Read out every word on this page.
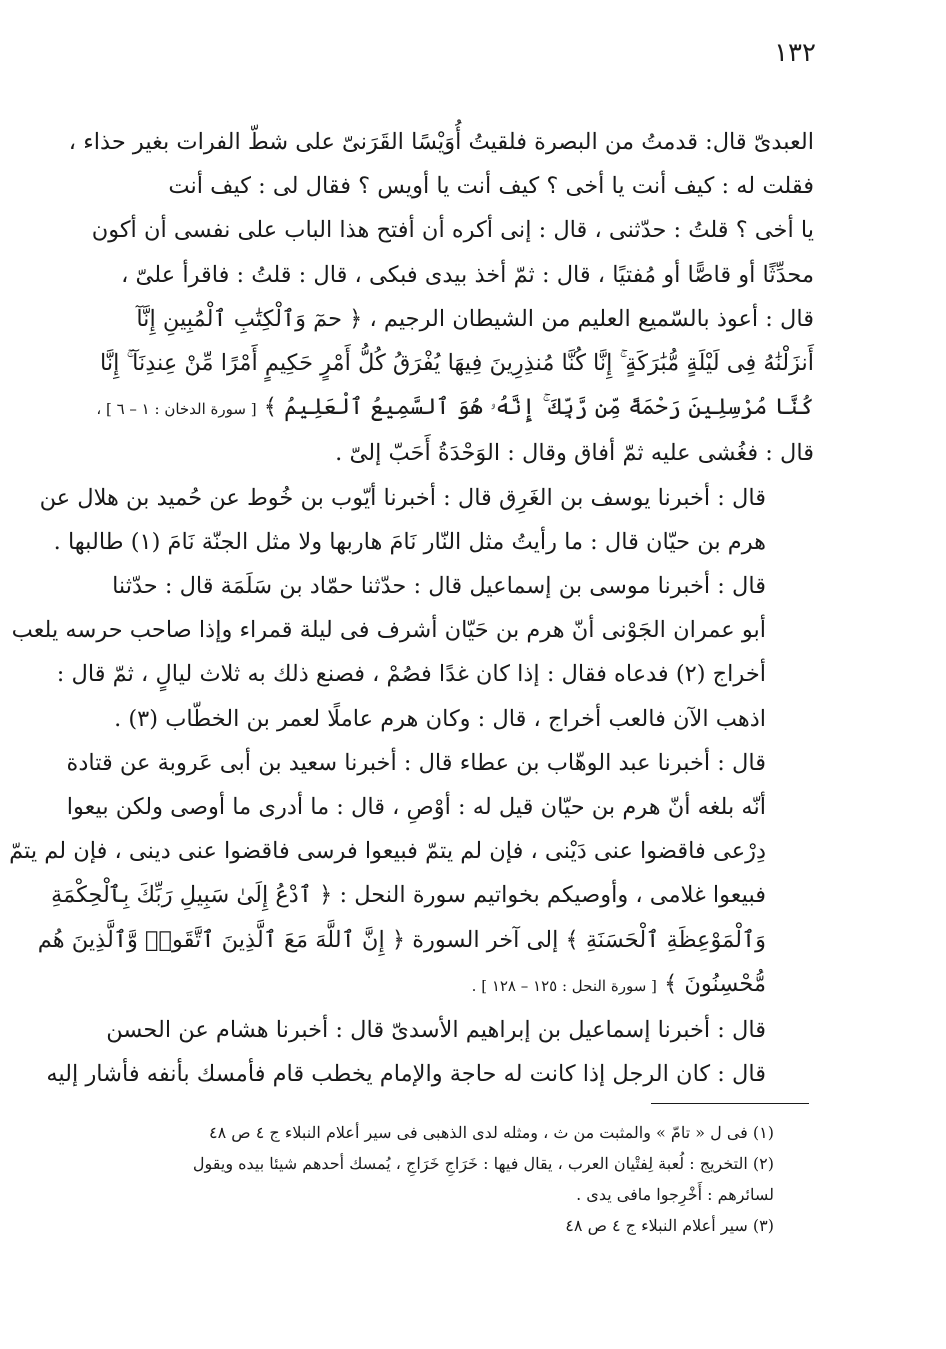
١٣٢

العبدىّ قال: قدمتُ من البصرة فلقيتُ أُوَيْسًا القَرَنىّ على شطّ الفرات بغير حذاء ،
فقلت له : كيف أنت يا أخى ؟ كيف أنت يا أويس ؟ فقال لى : كيف أنت
يا أخى ؟ قلتُ : حدّثنى ، قال : إنى أكره أن أفتح هذا الباب على نفسى أن أكون
محدِّثًا أو قاصًّا أو مُفتيًا ، قال : ثمّ أخذ بيدى فبكى ، قال : قلتُ : فاقرأ علىّ ،
قال : أعوذ بالسّميع العليم من الشيطان الرجيم ، ﴿ حمٓ وَٱلْكِتَٰبِ ٱلْمُبِينِ إِنَّآ
أَنزَلْنَٰهُ فِى لَيْلَةٍ مُّبَٰرَكَةٍ ۚ إِنَّا كُنَّا مُنذِرِينَ فِيهَا يُفْرَقُ كُلُّ أَمْرٍ حَكِيمٍ أَمْرًا مِّنْ عِندِنَآ ۚ إِنَّا
كُنَّا مُرْسِلِينَ رَحْمَةً مِّن رَّبِّكَ ۚ إِنَّهُۥ هُوَ ٱلسَّمِيعُ ٱلْعَلِيمُ ﴾ [ سورة الدخان : ١ – ٦ ] ،
قال : فغُشى عليه ثمّ أفاق وقال : الوَحْدَةُ أَحَبّ إلىّ .

قال : أخبرنا يوسف بن الغَرِق قال : أخبرنا أيّوب بن خُوط عن حُميد بن هلال عن
هرم بن حيّان قال : ما رأيتُ مثل النّار نَامَ هاربها ولا مثل الجنّة نَامَ (١) طالبها .

قال : أخبرنا موسى بن إسماعيل قال : حدّثنا حمّاد بن سَلَمَة قال : حدّثنا
أبو عمران الجَوْنى أنّ هرم بن حَيّان أشرف فى ليلة قمراء وإذا صاحب حرسه يلعب
أخراج (٢) فدعاه فقال : إذا كان غدًا فصُمْ ، فصنع ذلك به ثلاث ليالٍ ، ثمّ قال :
اذهب الآن فالعب أخراج ، قال : وكان هرم عاملًا لعمر بن الخطّاب (٣) .

قال : أخبرنا عبد الوهّاب بن عطاء قال : أخبرنا سعيد بن أبى عَروبة عن قتادة
أنّه بلغه أنّ هرم بن حيّان قيل له : أوْصِ ، قال : ما أدرى ما أوصى ولكن بيعوا
دِرْعى فاقضوا عنى دَيْنى ، فإن لم يتمّ فبيعوا فرسى فاقضوا عنى دينى ، فإن لم يتمّ
فبيعوا غلامى ، وأوصيكم بخواتيم سورة النحل : ﴿ ٱدْعُ إِلَىٰ سَبِيلِ رَبِّكَ بِٱلْحِكْمَةِ
وَٱلْمَوْعِظَةِ ٱلْحَسَنَةِ ﴾ إلى آخر السورة ﴿ إِنَّ ٱللَّهَ مَعَ ٱلَّذِينَ ٱتَّقَوا۟ وَّٱلَّذِينَ هُم
مُّحْسِنُونَ ﴾ [ سورة النحل : ١٢٥ – ١٢٨ ] .

قال : أخبرنا إسماعيل بن إبراهيم الأسدىّ قال : أخبرنا هشام عن الحسن
قال : كان الرجل إذا كانت له حاجة والإمام يخطب قام فأمسك بأنفه فأشار إليه

(١) فى ل « تامّ » والمثبت من ث ، ومثله لدى الذهبى فى سير أعلام النبلاء ج ٤ ص ٤٨

(٢) التخريج : لُعبة لِفتْيان العرب ، يقال فيها : خَرَاجِ خَرَاجِ ، يُمسك أحدهم شيئا بيده ويقول
لسائرهم : أَخْرِجوا مافى يدى .

(٣) سير أعلام النبلاء ج ٤ ص ٤٨
